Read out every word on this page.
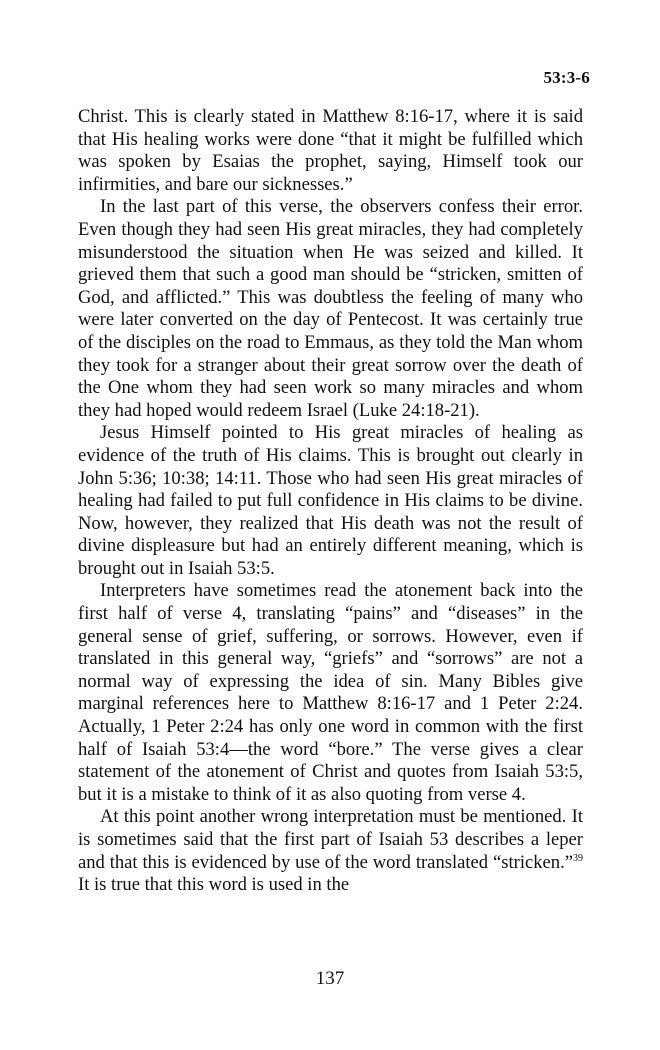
53:3-6

Christ. This is clearly stated in Matthew 8:16-17, where it is said that His healing works were done “that it might be fulfilled which was spoken by Esaias the prophet, saying, Himself took our infirmities, and bare our sicknesses.”

In the last part of this verse, the observers confess their error. Even though they had seen His great miracles, they had completely misunderstood the situation when He was seized and killed. It grieved them that such a good man should be “stricken, smitten of God, and afflicted.” This was doubtless the feeling of many who were later converted on the day of Pentecost. It was certainly true of the disciples on the road to Emmaus, as they told the Man whom they took for a stranger about their great sorrow over the death of the One whom they had seen work so many miracles and whom they had hoped would redeem Israel (Luke 24:18-21).

Jesus Himself pointed to His great miracles of healing as evidence of the truth of His claims. This is brought out clearly in John 5:36; 10:38; 14:11. Those who had seen His great miracles of healing had failed to put full confidence in His claims to be divine. Now, however, they realized that His death was not the result of divine displeasure but had an entirely different meaning, which is brought out in Isaiah 53:5.

Interpreters have sometimes read the atonement back into the first half of verse 4, translating “pains” and “diseases” in the general sense of grief, suffering, or sorrows. However, even if translated in this general way, “griefs” and “sorrows” are not a normal way of expressing the idea of sin. Many Bibles give marginal references here to Matthew 8:16-17 and 1 Peter 2:24. Actually, 1 Peter 2:24 has only one word in common with the first half of Isaiah 53:4—the word “bore.” The verse gives a clear statement of the atonement of Christ and quotes from Isaiah 53:5, but it is a mistake to think of it as also quoting from verse 4.

At this point another wrong interpretation must be mentioned. It is sometimes said that the first part of Isaiah 53 describes a leper and that this is evidenced by use of the word translated “stricken.”$^{39}$ It is true that this word is used in the

137
